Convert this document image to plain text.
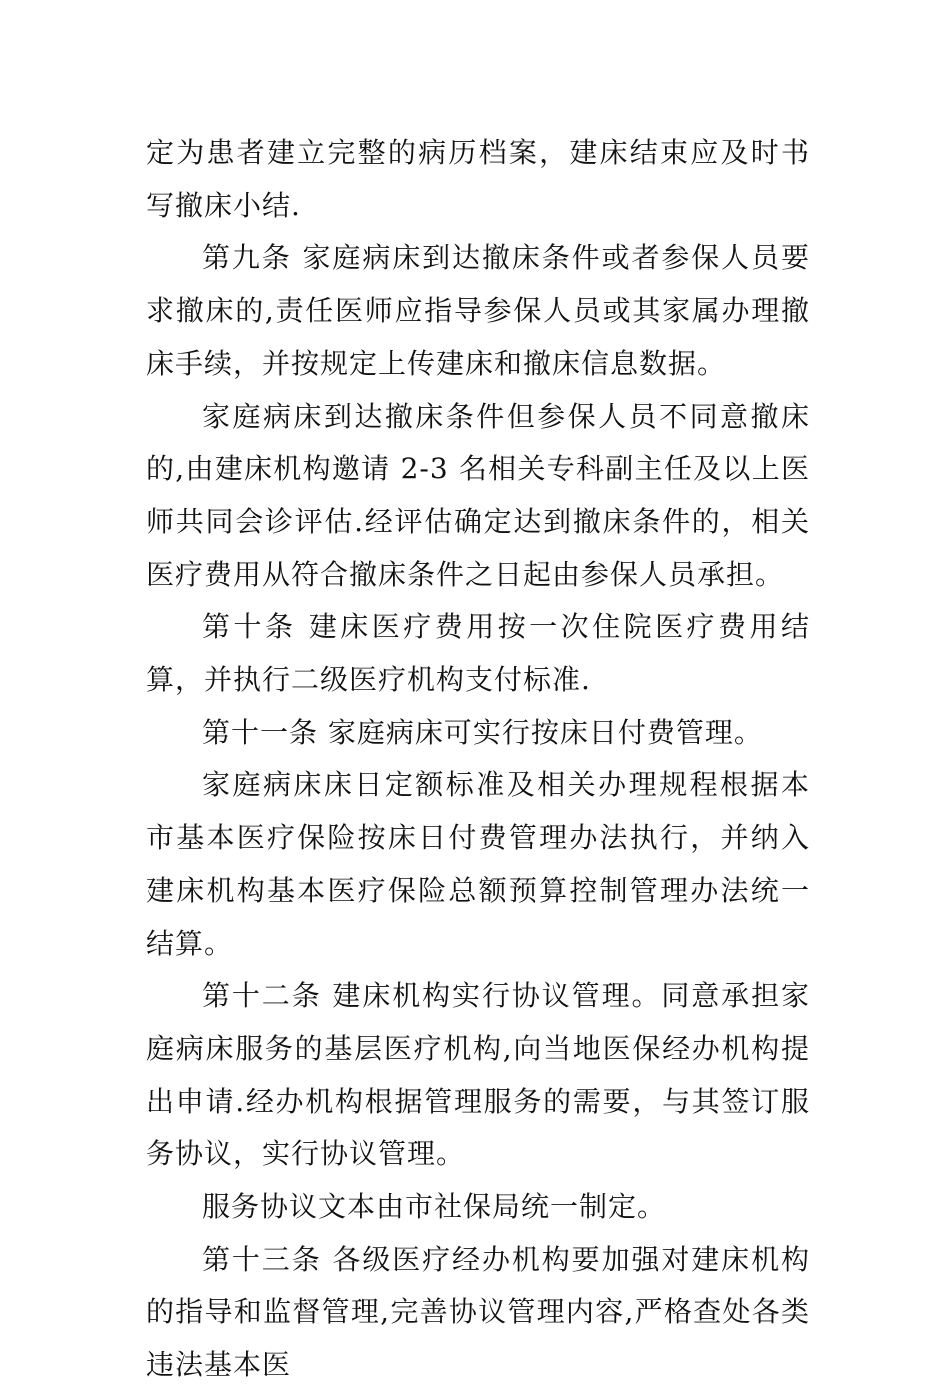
定为患者建立完整的病历档案，建床结束应及时书写撤床小结.

第九条 家庭病床到达撤床条件或者参保人员要求撤床的,责任医师应指导参保人员或其家属办理撤床手续，并按规定上传建床和撤床信息数据。

家庭病床到达撤床条件但参保人员不同意撤床的,由建床机构邀请 2-3 名相关专科副主任及以上医师共同会诊评估.经评估确定达到撤床条件的，相关医疗费用从符合撤床条件之日起由参保人员承担。

第十条 建床医疗费用按一次住院医疗费用结算，并执行二级医疗机构支付标准.

第十一条 家庭病床可实行按床日付费管理。

家庭病床床日定额标准及相关办理规程根据本市基本医疗保险按床日付费管理办法执行，并纳入建床机构基本医疗保险总额预算控制管理办法统一结算。

第十二条 建床机构实行协议管理。同意承担家庭病床服务的基层医疗机构,向当地医保经办机构提出申请.经办机构根据管理服务的需要，与其签订服务协议，实行协议管理。

服务协议文本由市社保局统一制定。

第十三条 各级医疗经办机构要加强对建床机构的指导和监督管理,完善协议管理内容,严格查处各类违法基本医
